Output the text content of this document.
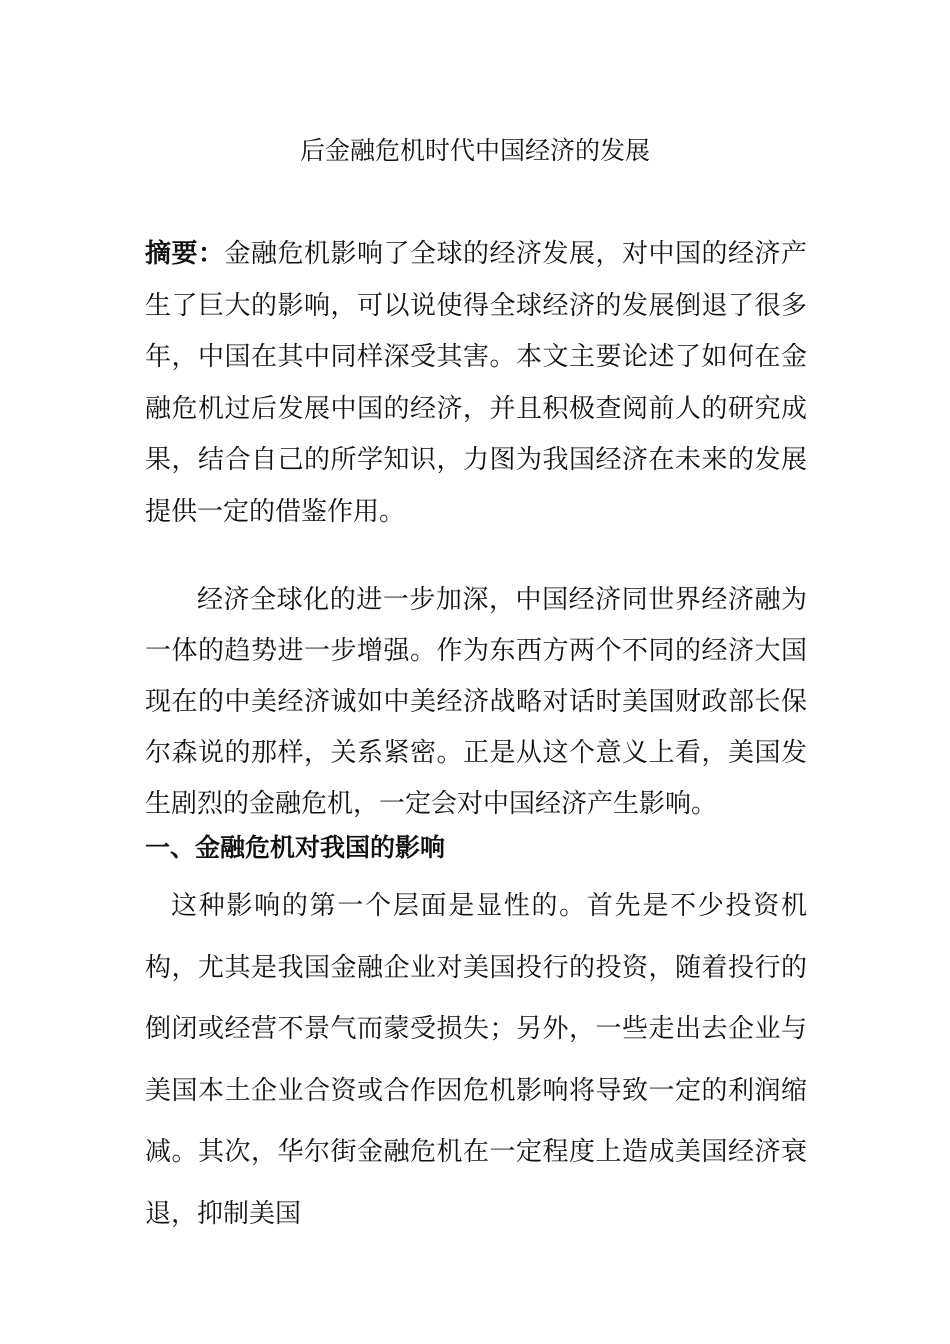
后金融危机时代中国经济的发展
摘要：金融危机影响了全球的经济发展，对中国的经济产生了巨大的影响，可以说使得全球经济的发展倒退了很多年，中国在其中同样深受其害。本文主要论述了如何在金融危机过后发展中国的经济，并且积极查阅前人的研究成果，结合自己的所学知识，力图为我国经济在未来的发展提供一定的借鉴作用。
经济全球化的进一步加深，中国经济同世界经济融为一体的趋势进一步增强。作为东西方两个不同的经济大国现在的中美经济诚如中美经济战略对话时美国财政部长保尔森说的那样，关系紧密。正是从这个意义上看，美国发生剧烈的金融危机，一定会对中国经济产生影响。
一、金融危机对我国的影响
这种影响的第一个层面是显性的。首先是不少投资机构，尤其是我国金融企业对美国投行的投资，随着投行的倒闭或经营不景气而蒙受损失；另外，一些走出去企业与美国本土企业合资或合作因危机影响将导致一定的利润缩减。其次，华尔街金融危机在一定程度上造成美国经济衰退，抑制美国
